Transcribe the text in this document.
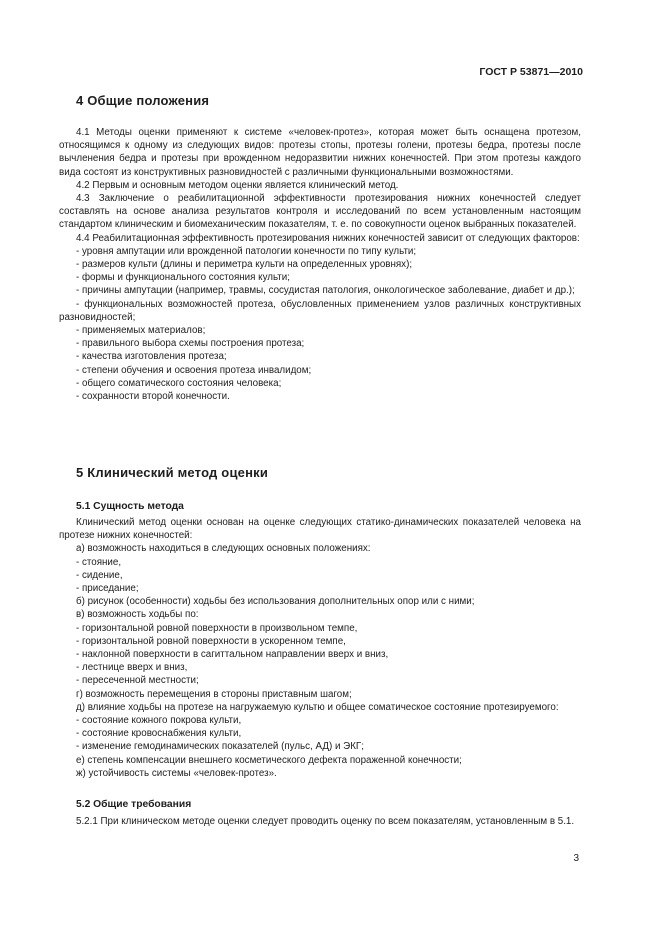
ГОСТ Р 53871—2010
4 Общие положения
4.1 Методы оценки применяют к системе «человек-протез», которая может быть оснащена протезом, относящимся к одному из следующих видов: протезы стопы, протезы голени, протезы бедра, протезы после вычленения бедра и протезы при врожденном недоразвитии нижних конечностей. При этом протезы каждого вида состоят из конструктивных разновидностей с различными функциональными возможностями.
4.2 Первым и основным методом оценки является клинический метод.
4.3 Заключение о реабилитационной эффективности протезирования нижних конечностей следует составлять на основе анализа результатов контроля и исследований по всем установленным настоящим стандартом клиническим и биомеханическим показателям, т. е. по совокупности оценок выбранных показателей.
4.4 Реабилитационная эффективность протезирования нижних конечностей зависит от следующих факторов:
- уровня ампутации или врожденной патологии конечности по типу культи;
- размеров культи (длины и периметра культи на определенных уровнях);
- формы и функционального состояния культи;
- причины ампутации (например, травмы, сосудистая патология, онкологическое заболевание, диабет и др.);
- функциональных возможностей протеза, обусловленных применением узлов различных конструктивных разновидностей;
- применяемых материалов;
- правильного выбора схемы построения протеза;
- качества изготовления протеза;
- степени обучения и освоения протеза инвалидом;
- общего соматического состояния человека;
- сохранности второй конечности.
5 Клинический метод оценки
5.1 Сущность метода
Клинический метод оценки основан на оценке следующих статико-динамических показателей человека на протезе нижних конечностей:
а) возможность находиться в следующих основных положениях:
- стояние,
- сидение,
- приседание;
б) рисунок (особенности) ходьбы без использования дополнительных опор или с ними;
в) возможность ходьбы по:
- горизонтальной ровной поверхности в произвольном темпе,
- горизонтальной ровной поверхности в ускоренном темпе,
- наклонной поверхности в сагиттальном направлении вверх и вниз,
- лестнице вверх и вниз,
- пересеченной местности;
г) возможность перемещения в стороны приставным шагом;
д) влияние ходьбы на протезе на нагружаемую культю и общее соматическое состояние протезируемого:
- состояние кожного покрова культи,
- состояние кровоснабжения культи,
- изменение гемодинамических показателей (пульс, АД) и ЭКГ;
е) степень компенсации внешнего косметического дефекта пораженной конечности;
ж) устойчивость системы «человек-протез».
5.2 Общие требования
5.2.1 При клиническом методе оценки следует проводить оценку по всем показателям, установленным в 5.1.
3
